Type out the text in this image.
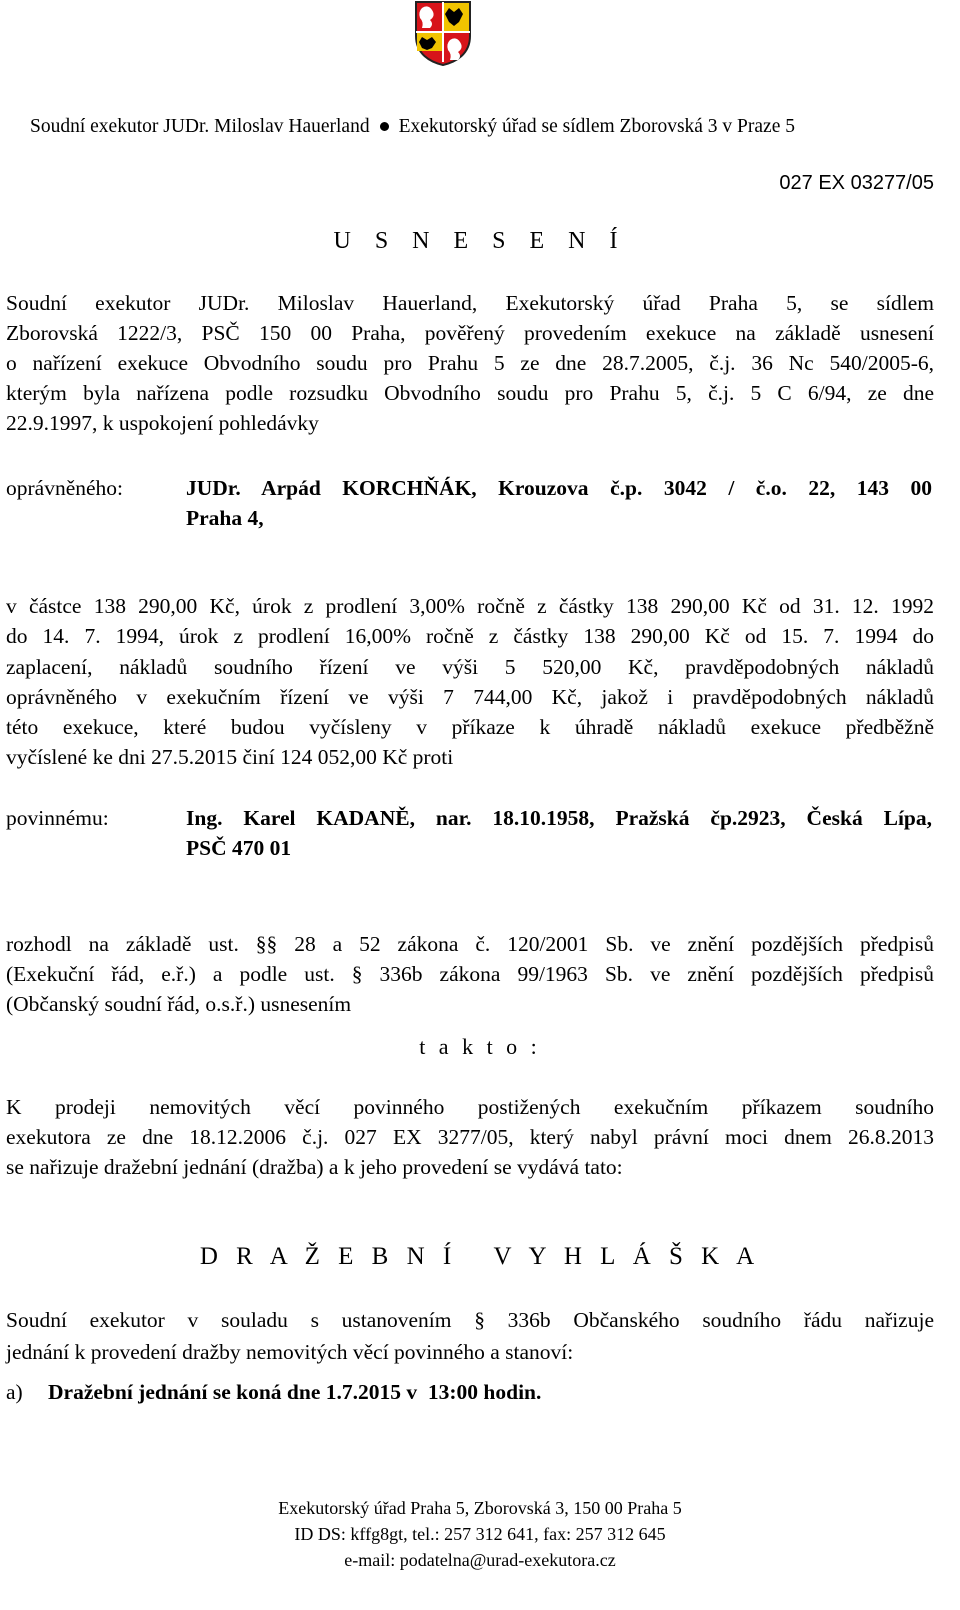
Soudní exekutor JUDr. Miloslav Hauerland Exekutorský úřad se sídlem Zborovská 3 v Praze 5
027 EX 03277/05
U S N E S E N Í
Soudní exekutor JUDr. Miloslav Hauerland, Exekutorský úřad Praha 5, se sídlem
Zborovská 1222/3, PSČ 150 00 Praha, pověřený provedením exekuce na základě usnesení
o nařízení exekuce Obvodního soudu pro Prahu 5 ze dne 28.7.2005, č.j. 36 Nc 540/2005-6,
kterým byla nařízena podle rozsudku Obvodního soudu pro Prahu 5, č.j. 5 C 6/94, ze dne
22.9.1997, k uspokojení pohledávky
oprávněného:	JUDr. Arpád KORCHŇÁK, Krouzova č.p. 3042 / č.o. 22, 143 00
Praha 4,
v částce 138 290,00 Kč, úrok z prodlení 3,00% ročně z částky 138 290,00 Kč od 31. 12. 1992
do 14. 7. 1994, úrok z prodlení 16,00% ročně z částky 138 290,00 Kč od 15. 7. 1994 do
zaplacení, nákladů soudního řízení ve výši 5 520,00 Kč, pravděpodobných nákladů
oprávněného v exekučním řízení ve výši 7 744,00 Kč, jakož i pravděpodobných nákladů
této exekuce, které budou vyčísleny v příkaze k úhradě nákladů exekuce předběžně
vyčíslené ke dni 27.5.2015 činí 124 052,00 Kč proti
povinnému:	Ing. Karel KADANĚ, nar. 18.10.1958, Pražská čp.2923, Česká Lípa,
PSČ 470 01
rozhodl na základě ust. §§ 28 a 52 zákona č. 120/2001 Sb. ve znění pozdějších předpisů
(Exekuční řád, e.ř.) a podle ust. § 336b zákona 99/1963 Sb. ve znění pozdějších předpisů
(Občanský soudní řád, o.s.ř.) usnesením
t a k t o :
K prodeji nemovitých věcí povinného postižených exekučním příkazem soudního
exekutora ze dne 18.12.2006 č.j. 027 EX 3277/05, který nabyl právní moci dnem 26.8.2013
se nařizuje dražební jednání (dražba) a k jeho provedení se vydává tato:
D R A Ž E B N Í   V Y H L Á Š K A
Soudní exekutor v souladu s ustanovením § 336b Občanského soudního řádu nařizuje
jednání k provedení dražby nemovitých věcí povinného a stanoví:
a) Dražební jednání se koná dne 1.7.2015 v  13:00 hodin.
Exekutorský úřad Praha 5, Zborovská 3, 150 00 Praha 5
ID DS: kffg8gt, tel.: 257 312 641, fax: 257 312 645
e-mail: podatelna@urad-exekutora.cz
